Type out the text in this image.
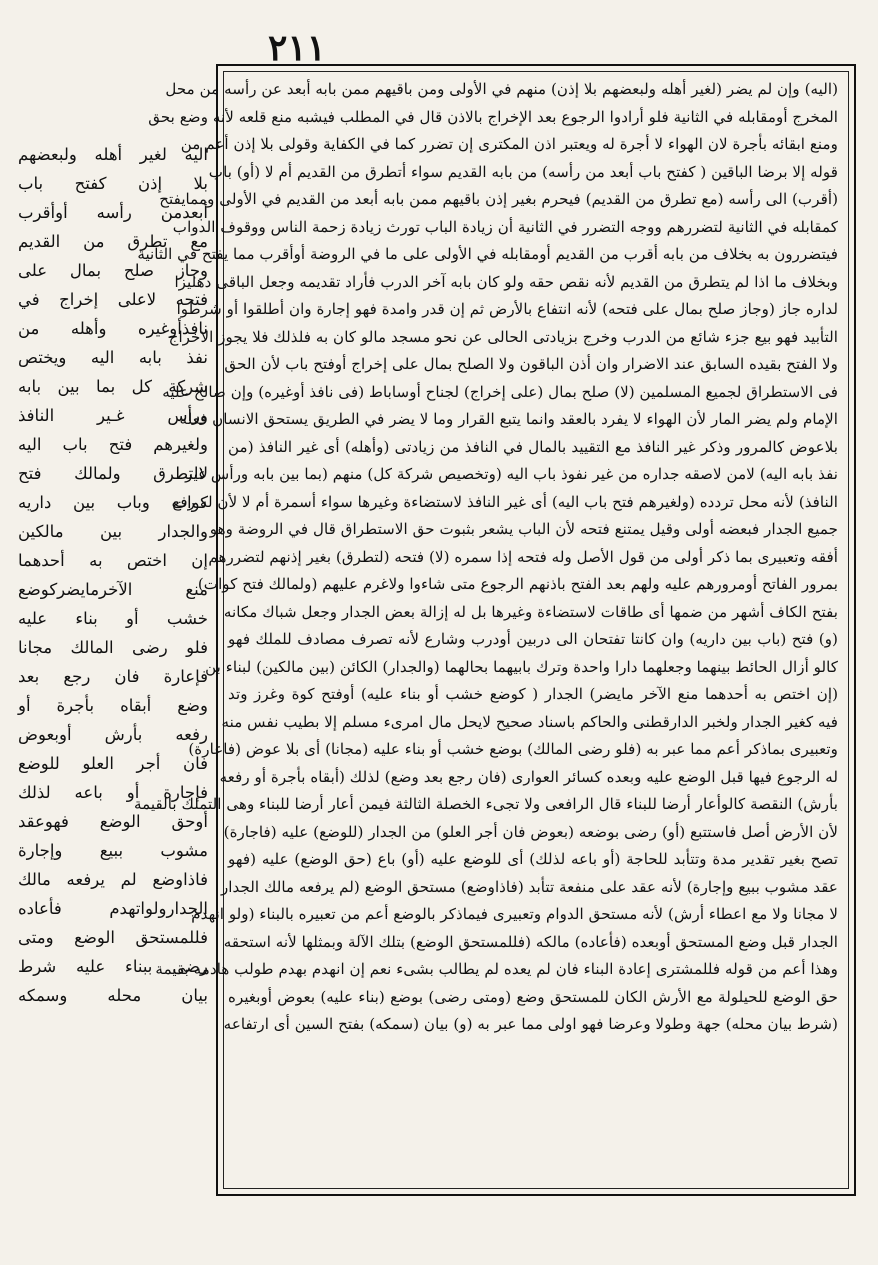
٢١١
(اليه) وإن لم يضر (لغير أهله ولبعضهم بلا إذن) منهم في الأولى ومن باقيهم ممن بابه أبعد عن رأسه من محل
المخرج أومقابله في الثانية فلو أرادوا الرجوع بعد الإخراج بالاذن قال في المطلب فيشبه منع قلعه لأنه وضع بحق
ومنع ابقائه بأجرة لان الهواء لا أجرة له ويعتبر اذن المكترى إن تضرر كما في الكفاية وقولى بلا إذن أعم من
قوله إلا برضا الباقين ( كفتح باب أبعد من رأسه) من بابه القديم سواء أتطرق من القديم أم لا (أو) باب
(أقرب) الى رأسه (مع تطرق من القديم) فيحرم بغير إذن باقيهم ممن بابه أبعد من القديم في الأولى وممايفتح
كمقابله في الثانية لتضررهم ووجه التضرر في الثانية أن زيادة الباب تورث زيادة زحمة الناس ووقوف الدواب
فيتضررون به بخلاف من بابه أقرب من القديم أومقابله في الأولى على ما في الروضة أوأقرب مما يفتح في الثانية
وبخلاف ما اذا لم يتطرق من القديم لأنه نقص حقه ولو كان بابه آخر الدرب فأراد تقديمه وجعل الباقى دهليزا
لداره جاز (وجاز صلح بمال على فتحه) لأنه انتفاع بالأرض ثم إن قدر وامدة فهو إجارة وان أطلقوا أو شرطوا
التأبيد فهو بيع جزء شائع من الدرب وخرج بزيادتى الحالى عن نحو مسجد مالو كان به فلذلك فلا يجوز الاخراج
ولا الفتح بقيده السابق عند الاضرار وان أذن الباقون ولا الصلح بمال على إخراج أوفتح باب لأن الحق
فى الاستطراق لجميع المسلمين (لا) صلح بمال (على إخراج) لجناح أوساباط (فى نافذ أوغيره) وإن صالح عليه
الإمام ولم يضر المار لأن الهواء لا يفرد بالعقد وانما يتبع القرار وما لا يضر في الطريق يستحق الانسان فعله
بلاعوض كالمرور وذكر غير النافذ مع التقييد بالمال في النافذ من زيادتى (وأهله) أى غير النافذ (من
نفذ بابه اليه) لامن لاصقه جداره من غير نفوذ باب اليه (وتخصيص شركة كل) منهم (بما بين بابه ورأس غير
النافذ) لأنه محل تردده (ولغيرهم فتح باب اليه) أى غير النافذ لاستضاءة وغيرها سواء أسمرة أم لا لأن له رفع
جميع الجدار فبعضه أولى وقيل يمتنع فتحه لأن الباب يشعر بثبوت حق الاستطراق قال في الروضة وهو
أفقه وتعبيرى بما ذكر أولى من قول الأصل وله فتحه إذا سمره (لا) فتحه (لتطرق) بغير إذنهم لتضررهم
بمرور الفاتح أومرورهم عليه ولهم بعد الفتح باذنهم الرجوع متى شاءوا ولاغرم عليهم (ولمالك فتح كوات)
بفتح الكاف أشهر من ضمها أى طاقات لاستضاءة وغيرها بل له إزالة بعض الجدار وجعل شباك مكانه
(و) فتح (باب بين داريه) وان كانتا تفتحان الى دربين أودرب وشارع لأنه تصرف مصادف للملك فهو
كالو أزال الحائط بينهما وجعلهما دارا واحدة وترك بابيهما بحالهما (والجدار) الكائن (بين مالكين) لبناء بن
(إن اختص به أحدهما منع الآخر مايضر) الجدار ( كوضع خشب أو بناء عليه) أوفتح كوة وغرز وتد
فيه كغير الجدار ولخبر الدارقطنى والحاكم باسناد صحيح لايحل مال امرىء مسلم إلا بطيب نفس منه
وتعبيرى بماذكر أعم مما عبر به (فلو رضى المالك) بوضع خشب أو بناء عليه (مجانا) أى بلا عوض (فاعارة)
له الرجوع فيها قبل الوضع عليه وبعده كسائر العوارى (فان رجع بعد وضع) لذلك (أبقاه بأجرة أو رفعه
بأرش) النقصة كالوأعار أرضا للبناء قال الرافعى ولا تجىء الخصلة الثالثة فيمن أعار أرضا للبناء وهى التملك بالقيمة
لأن الأرض أصل فاستتبع (أو) رضى بوضعه (بعوض فان أجر العلو) من الجدار (للوضع) عليه (فاجارة)
تصح بغير تقدير مدة وتتأبد للحاجة (أو باعه لذلك) أى للوضع عليه (أو) باع (حق الوضع) عليه (فهو
عقد مشوب ببيع وإجارة) لأنه عقد على منفعة تتأبد (فاذاوضع) مستحق الوضع (لم يرفعه مالك الجدار
لا مجانا ولا مع اعطاء أرش) لأنه مستحق الدوام وتعبيرى فيماذكر بالوضع أعم من تعبيره بالبناء (ولو انهدم
الجدار قبل وضع المستحق أوبعده (فأعاده) مالكه (فللمستحق الوضع) بتلك الآلة وبمثلها لأنه استحقه
وهذا أعم من قوله فللمشترى إعادة البناء فان لم يعده لم يطالب بشىء نعم إن انهدم بهدم طولب هادمه بقيمة
حق الوضع للحيلولة مع الأرش الكان للمستحق وضع (ومتى رضى) بوضع (بناء عليه) بعوض أوبغيره
(شرط بيان محله) جهة وطولا وعرضا فهو اولى مما عبر به (و) بيان (سمكه) بفتح السين أى ارتفاعه
اليه لغير أهله ولبعضهم
بلا إذن كفتح باب
أبعدمن رأسه أوأقرب
مع تطرق من القديم
وجاز صلح بمال على
فتحه لاعلى إخراج في
نافذأوغيره وأهله من
نفذ بابه اليه ويختص
شركة كل بما بين بابه
ورأس غـير النافذ
ولغيرهم فتح باب اليه
لالتطرق ولمالك فتح
كوات وباب بين داريه
والجدار بين مالكين
إن اختص به أحدهما
منع الآخرمايضركوضع
خشب أو بناء عليه
فلو رضى المالك مجانا
فإعارة فان رجع بعد
وضع أبقاه بأجرة أو
رفعه بأرش أوبعوض
فان أجر العلو للوضع
فإجارة أو باعه لذلك
أوحق الوضع فهوعقد
مشوب ببيع وإجارة
فاذاوضع لم يرفعه مالك
الجدارولواتهدم فأعاده
فللمستحق الوضع ومتى
رضى ببناء عليه شرط
بيان محله وسمكه
